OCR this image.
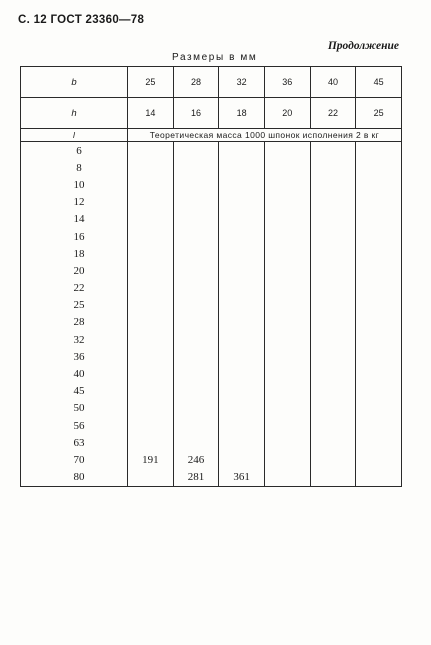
С. 12 ГОСТ 23360—78
Продолжение
Размеры в мм
b	25	28	32	36	40	45
h	14	16	18	20	22	25
l	Теоретическая масса 1000 шпонок исполнения 2 в кг					
6						
8						
10						
12						
14						
16						
18						
20						
22						
25						
28						
32						
36						
40						
45						
50						
56						
63						
70	191	246				
80		281	361			
